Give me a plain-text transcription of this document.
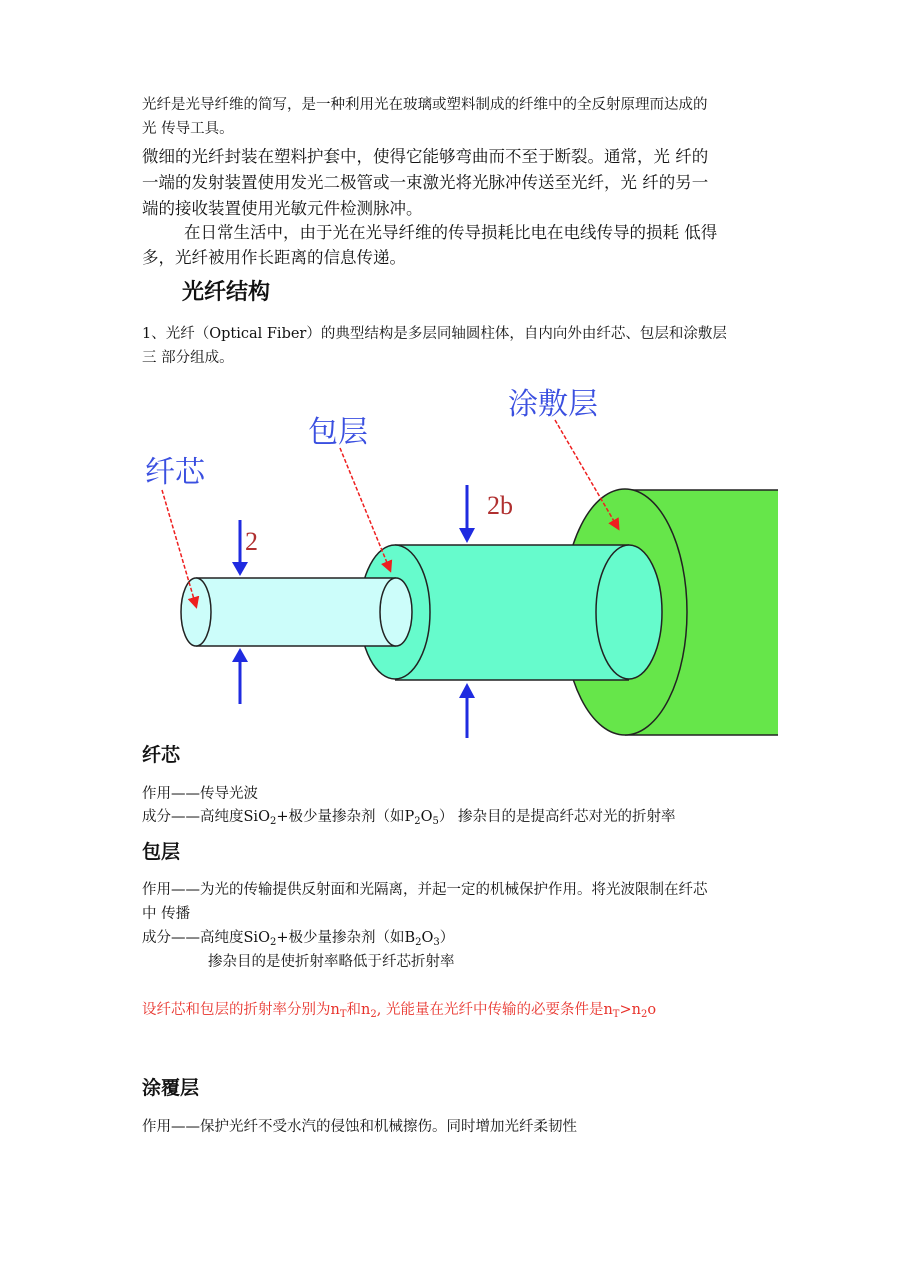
光纤是光导纤维的简写，是一种利用光在玻璃或塑料制成的纤维中的全反射原理而达成的
光 传导工具。
微细的光纤封装在塑料护套中，使得它能够弯曲而不至于断裂。通常，光 纤的
一端的发射装置使用发光二极管或一束激光将光脉冲传送至光纤，光 纤的另一
端的接收装置使用光敏元件检测脉冲。
在日常生活中，由于光在光导纤维的传导损耗比电在电线传导的损耗 低得
多，光纤被用作长距离的信息传递。
光纤结构
1、光纤（Optical Fiber）的典型结构是多层同轴圆柱体，自内向外由纤芯、包层和涂敷层
三 部分组成。
2
2b
纤芯
包层
涂敷层
纤芯
作用——传导光波
成分——高纯度SiO$_2$+极少量掺杂剂（如$P_2O_5$） 掺杂目的是提高纤芯对光的折射率
包层
作用——为光的传输提供反射面和光隔离，并起一定的机械保护作用。将光波限制在纤芯
中 传播
成分——高纯度SiO$_2$+极少量掺杂剂（如$B_2O_3$）
掺杂目的是使折射率略低于纤芯折射率
设纤芯和包层的折射率分别为$n_T$和$n_2$, 光能量在光纤中传输的必要条件是$n_T>n_2o$
涂覆层
作用——保护光纤不受水汽的侵蚀和机械擦伤。同时增加光纤柔韧性
